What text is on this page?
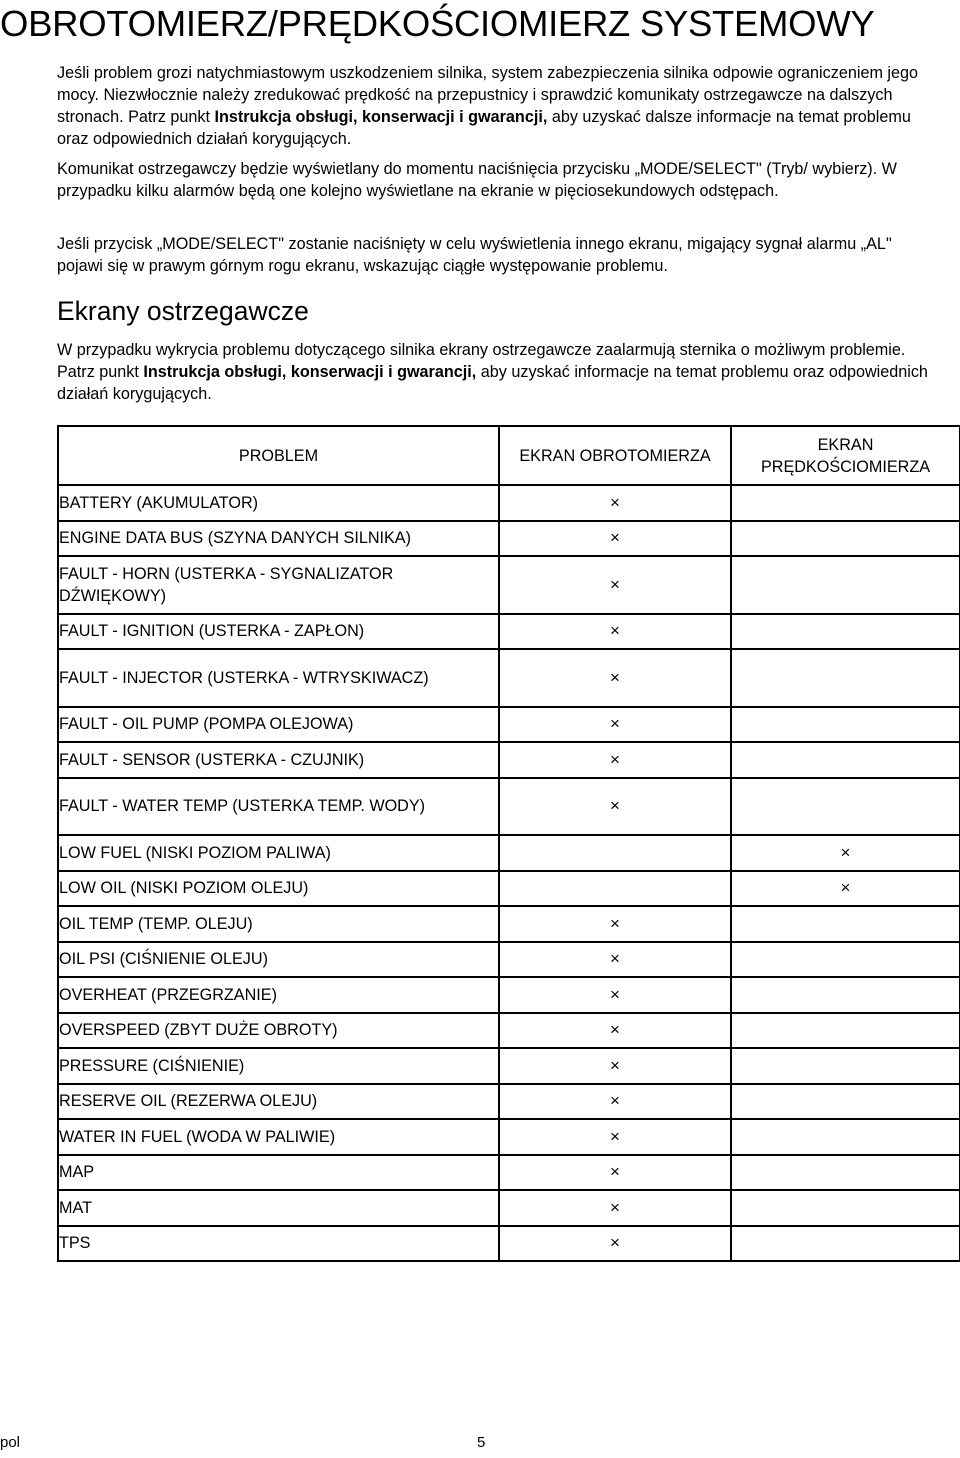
OBROTOMIERZ/PRĘDKOŚCIOMIERZ SYSTEMOWY

Jeśli problem grozi natychmiastowym uszkodzeniem silnika, system zabezpieczenia silnika odpowie ograniczeniem jego mocy. Niezwłocznie należy zredukować prędkość na przepustnicy i sprawdzić komunikaty ostrzegawcze na dalszych stronach. Patrz punkt Instrukcja obsługi, konserwacji i gwarancji, aby uzyskać dalsze informacje na temat problemu oraz odpowiednich działań korygujących.

Komunikat ostrzegawczy będzie wyświetlany do momentu naciśnięcia przycisku „MODE/SELECT" (Tryb/ wybierz). W przypadku kilku alarmów będą one kolejno wyświetlane na ekranie w pięciosekundowych odstępach.

Jeśli przycisk „MODE/SELECT" zostanie naciśnięty w celu wyświetlenia innego ekranu, migający sygnał alarmu „AL" pojawi się w prawym górnym rogu ekranu, wskazując ciągłe występowanie problemu.

Ekrany ostrzegawcze

W przypadku wykrycia problemu dotyczącego silnika ekrany ostrzegawcze zaalarmują sternika o możliwym problemie. Patrz punkt Instrukcja obsługi, konserwacji i gwarancji, aby uzyskać informacje na temat problemu oraz odpowiednich działań korygujących.

PROBLEM	EKRAN OBROTOMIERZA	EKRAN PRĘDKOŚCIOMIERZA
BATTERY (AKUMULATOR)	×	
ENGINE DATA BUS (SZYNA DANYCH SILNIKA)	×	
FAULT - HORN (USTERKA - SYGNALIZATOR DŹWIĘKOWY)	×	
FAULT - IGNITION (USTERKA - ZAPŁON)	×	
FAULT - INJECTOR (USTERKA - WTRYSKIWACZ)	×	
FAULT - OIL PUMP (POMPA OLEJOWA)	×	
FAULT - SENSOR (USTERKA - CZUJNIK)	×	
FAULT - WATER TEMP (USTERKA TEMP. WODY)	×	
LOW FUEL (NISKI POZIOM PALIWA)		×
LOW OIL (NISKI POZIOM OLEJU)		×
OIL TEMP (TEMP. OLEJU)	×	
OIL PSI (CIŚNIENIE OLEJU)	×	
OVERHEAT (PRZEGRZANIE)	×	
OVERSPEED (ZBYT DUŻE OBROTY)	×	
PRESSURE (CIŚNIENIE)	×	
RESERVE OIL (REZERWA OLEJU)	×	
WATER IN FUEL (WODA W PALIWIE)	×	
MAP	×	
MAT	×	
TPS	×	
pol	5
